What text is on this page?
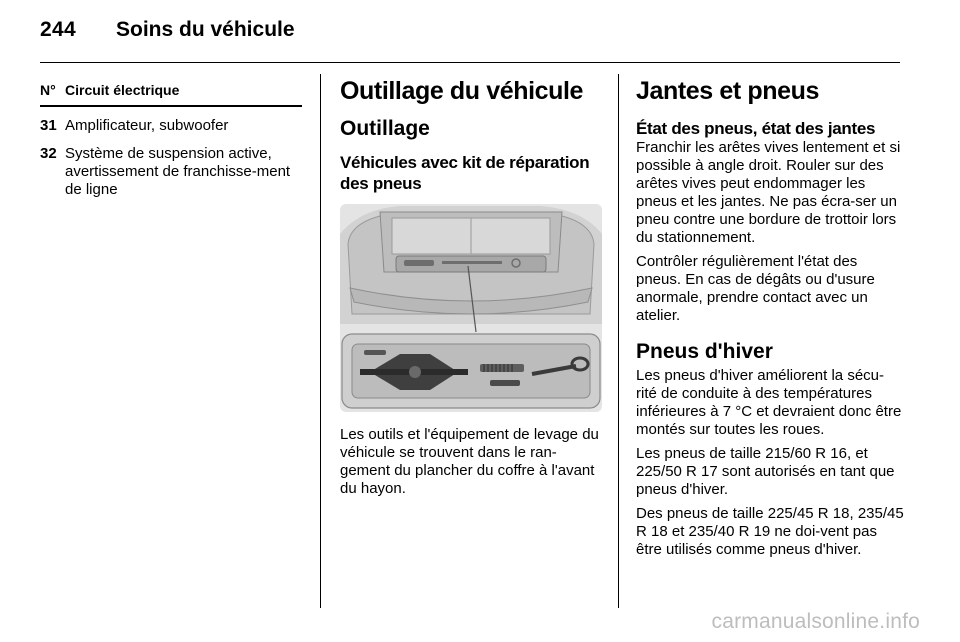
244	Soins du véhicule
N° Circuit électrique
31 Amplificateur, subwoofer
32 Système de suspension active, avertissement de franchisse-ment de ligne
Outillage du véhicule
Outillage
Véhicules avec kit de réparation des pneus
Les outils et l'équipement de levage du véhicule se trouvent dans le ran-gement du plancher du coffre à l'avant du hayon.
Jantes et pneus
État des pneus, état des jantes
Franchir les arêtes vives lentement et si possible à angle droit. Rouler sur des arêtes vives peut endommager les pneus et les jantes. Ne pas écra-ser un pneu contre une bordure de trottoir lors du stationnement.
Contrôler régulièrement l'état des pneus. En cas de dégâts ou d'usure anormale, prendre contact avec un atelier.
Pneus d'hiver
Les pneus d'hiver améliorent la sécu-rité de conduite à des températures inférieures à 7 °C et devraient donc être montés sur toutes les roues.
Les pneus de taille 215/60 R 16, et 225/50 R 17 sont autorisés en tant que pneus d'hiver.
Des pneus de taille 225/45 R 18, 235/45 R 18 et 235/40 R 19 ne doi-vent pas être utilisés comme pneus d'hiver.
carmanualsonline.info
